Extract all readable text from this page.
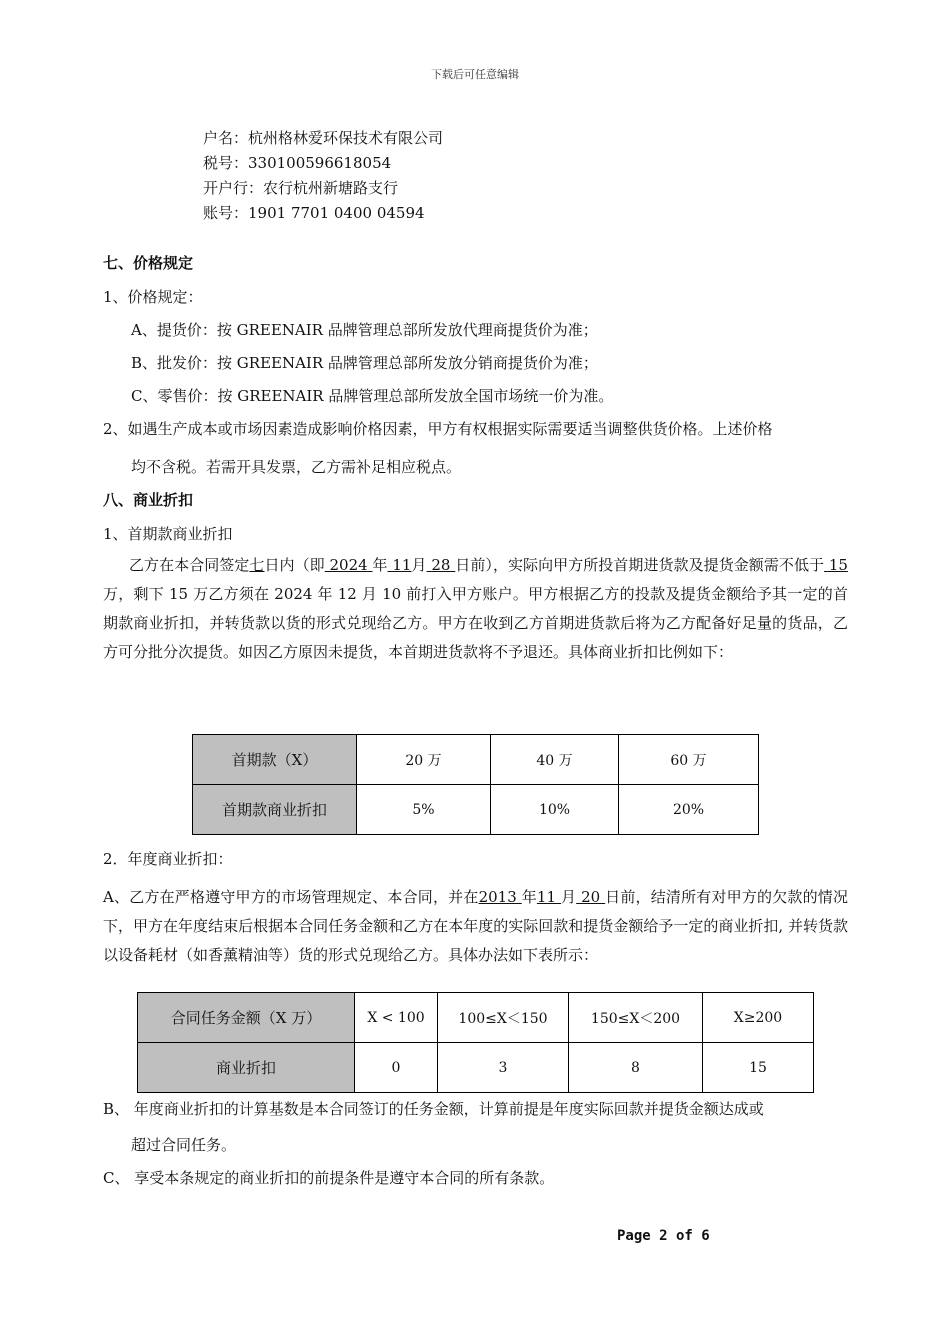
下载后可任意编辑
户名：杭州格林爱环保技术有限公司
税号：330100596618054
开户行：农行杭州新塘路支行
账号：1901 7701 0400 04594
七、价格规定
1、价格规定：
A、提货价：按 GREENAIR 品牌管理总部所发放代理商提货价为准；
B、批发价：按 GREENAIR 品牌管理总部所发放分销商提货价为准；
C、零售价：按 GREENAIR 品牌管理总部所发放全国市场统一价为准。
2、如遇生产成本或市场因素造成影响价格因素，甲方有权根据实际需要适当调整供货价格。上述价格
均不含税。若需开具发票，乙方需补足相应税点。
八、商业折扣
1、首期款商业折扣
乙方在本合同签定七日内（即 2024 年 11月 28 日前），实际向甲方所投首期进货款及提货金额需不低于 15 万，剩下 15 万乙方须在 2024 年 12 月 10 前打入甲方账户。甲方根据乙方的投款及提货金额给予其一定的首期款商业折扣，并转货款以货的形式兑现给乙方。甲方在收到乙方首期进货款后将为乙方配备好足量的货品，乙方可分批分次提货。如因乙方原因未提货，本首期进货款将不予退还。具体商业折扣比例如下：
首期款（X）	20 万	40 万	60 万
首期款商业折扣	5%	10%	20%
2．年度商业折扣：
A、乙方在严格遵守甲方的市场管理规定、本合同，并在2013 年11 月 20 日前，结清所有对甲方的欠款的情况下，甲方在年度结束后根据本合同任务金额和乙方在本年度的实际回款和提货金额给予一定的商业折扣, 并转货款以设备耗材（如香薰精油等）货的形式兑现给乙方。具体办法如下表所示：
合同任务金额（X 万）	X < 100	100≤X＜150	150≤X＜200	X≥200
商业折扣	0	3	8	15
B、 年度商业折扣的计算基数是本合同签订的任务金额，计算前提是年度实际回款并提货金额达成或
超过合同任务。
C、 享受本条规定的商业折扣的前提条件是遵守本合同的所有条款。
Page 2 of 6
